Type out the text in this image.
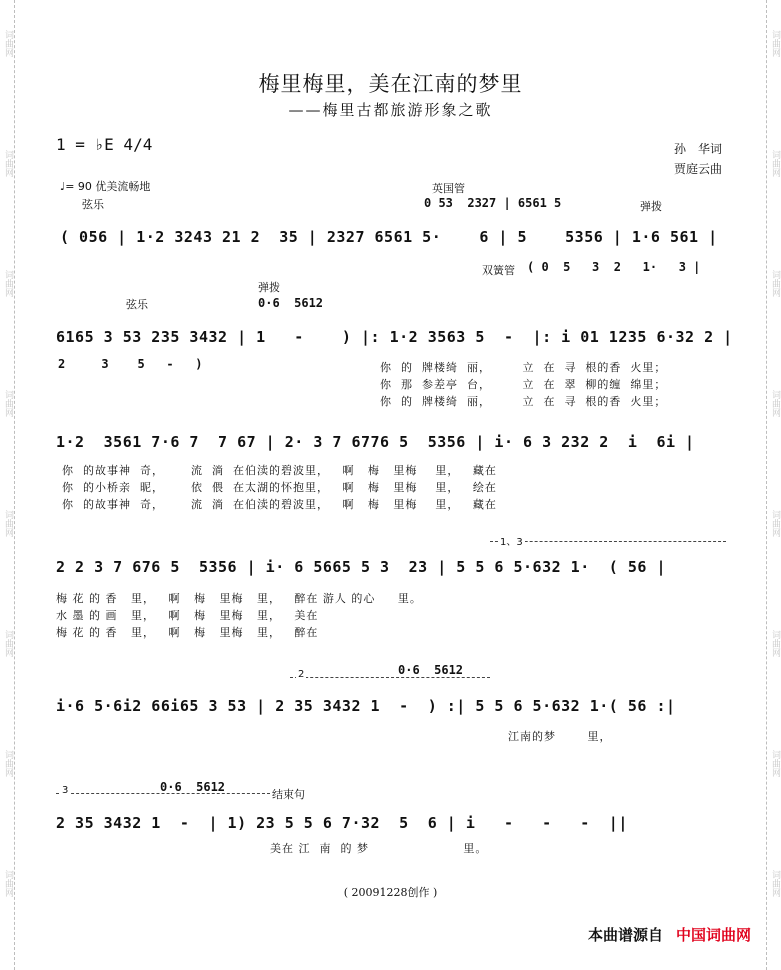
词曲网
词曲网
词曲网
词曲网
词曲网
词曲网
词曲网
词曲网
词曲网
词曲网
词曲网
词曲网
词曲网
词曲网
词曲网
词曲网
梅里梅里，美在江南的梦里
——梅里古都旅游形象之歌
1 = ♭E 4/4	孙　华词
贾庭云曲
♩= 90 优美流畅地
弦乐
英国管
弹拨
0 53  2327 | 6561 5
( 056 | 1·2 3243 21 2  35 | 2327 6561 5·    6 | 5    5356 | 1·6 561 |
双簧管 ( 0  5   3  2   1·   3 |
弹拨
弦乐	0·6  5612
6165 3 53 235 3432 | 1   -    ) |: 1·2 3563 5  -  |: i 01 1235 6·32 2 |
2     3    5   -   )	你  的  牌楼绮  丽，       立  在  寻  根的香  火里；
你  那  参差亭  台，       立  在  翠  柳的缠  绵里；
你  的  牌楼绮  丽，       立  在  寻  根的香  火里；
1·2  3561 7·6 7  7 67 | 2· 3 7 6776 5  5356 | i· 6 3 232 2  i  6i |
你  的故事神  奇，      流  淌  在伯渎的碧波里，   啊   梅   里梅    里，   藏在
你  的小桥亲  昵，      依  偎  在太湖的怀抱里，   啊   梅   里梅    里，   绘在
你  的故事神  奇，      流  淌  在伯渎的碧波里，   啊   梅   里梅    里，   藏在
1、3
2 2 3 7 676 5  5356 | i· 6 5665 5 3  23 | 5 5 6 5·632 1·  ( 56 |
梅 花 的 香   里，   啊   梅   里梅   里，   醉在 游人 的心     里。
水 墨 的 画   里，   啊   梅   里梅   里，   美在
梅 花 的 香   里，   啊   梅   里梅   里，   醉在
2	0·6  5612
i·6 5·6i2 66i65 3 53 | 2 35 3432 1  -  ) :| 5 5 6 5·632 1·( 56 :|
江南的梦       里，
3	0·6  5612
结束句
2 35 3432 1  -  | 1) 23 5 5 6 7·32  5  6 | i   -   -   -  ||
美在 江  南  的 梦                     里。
( 20091228创作 )
本曲谱源自 中国词曲网
